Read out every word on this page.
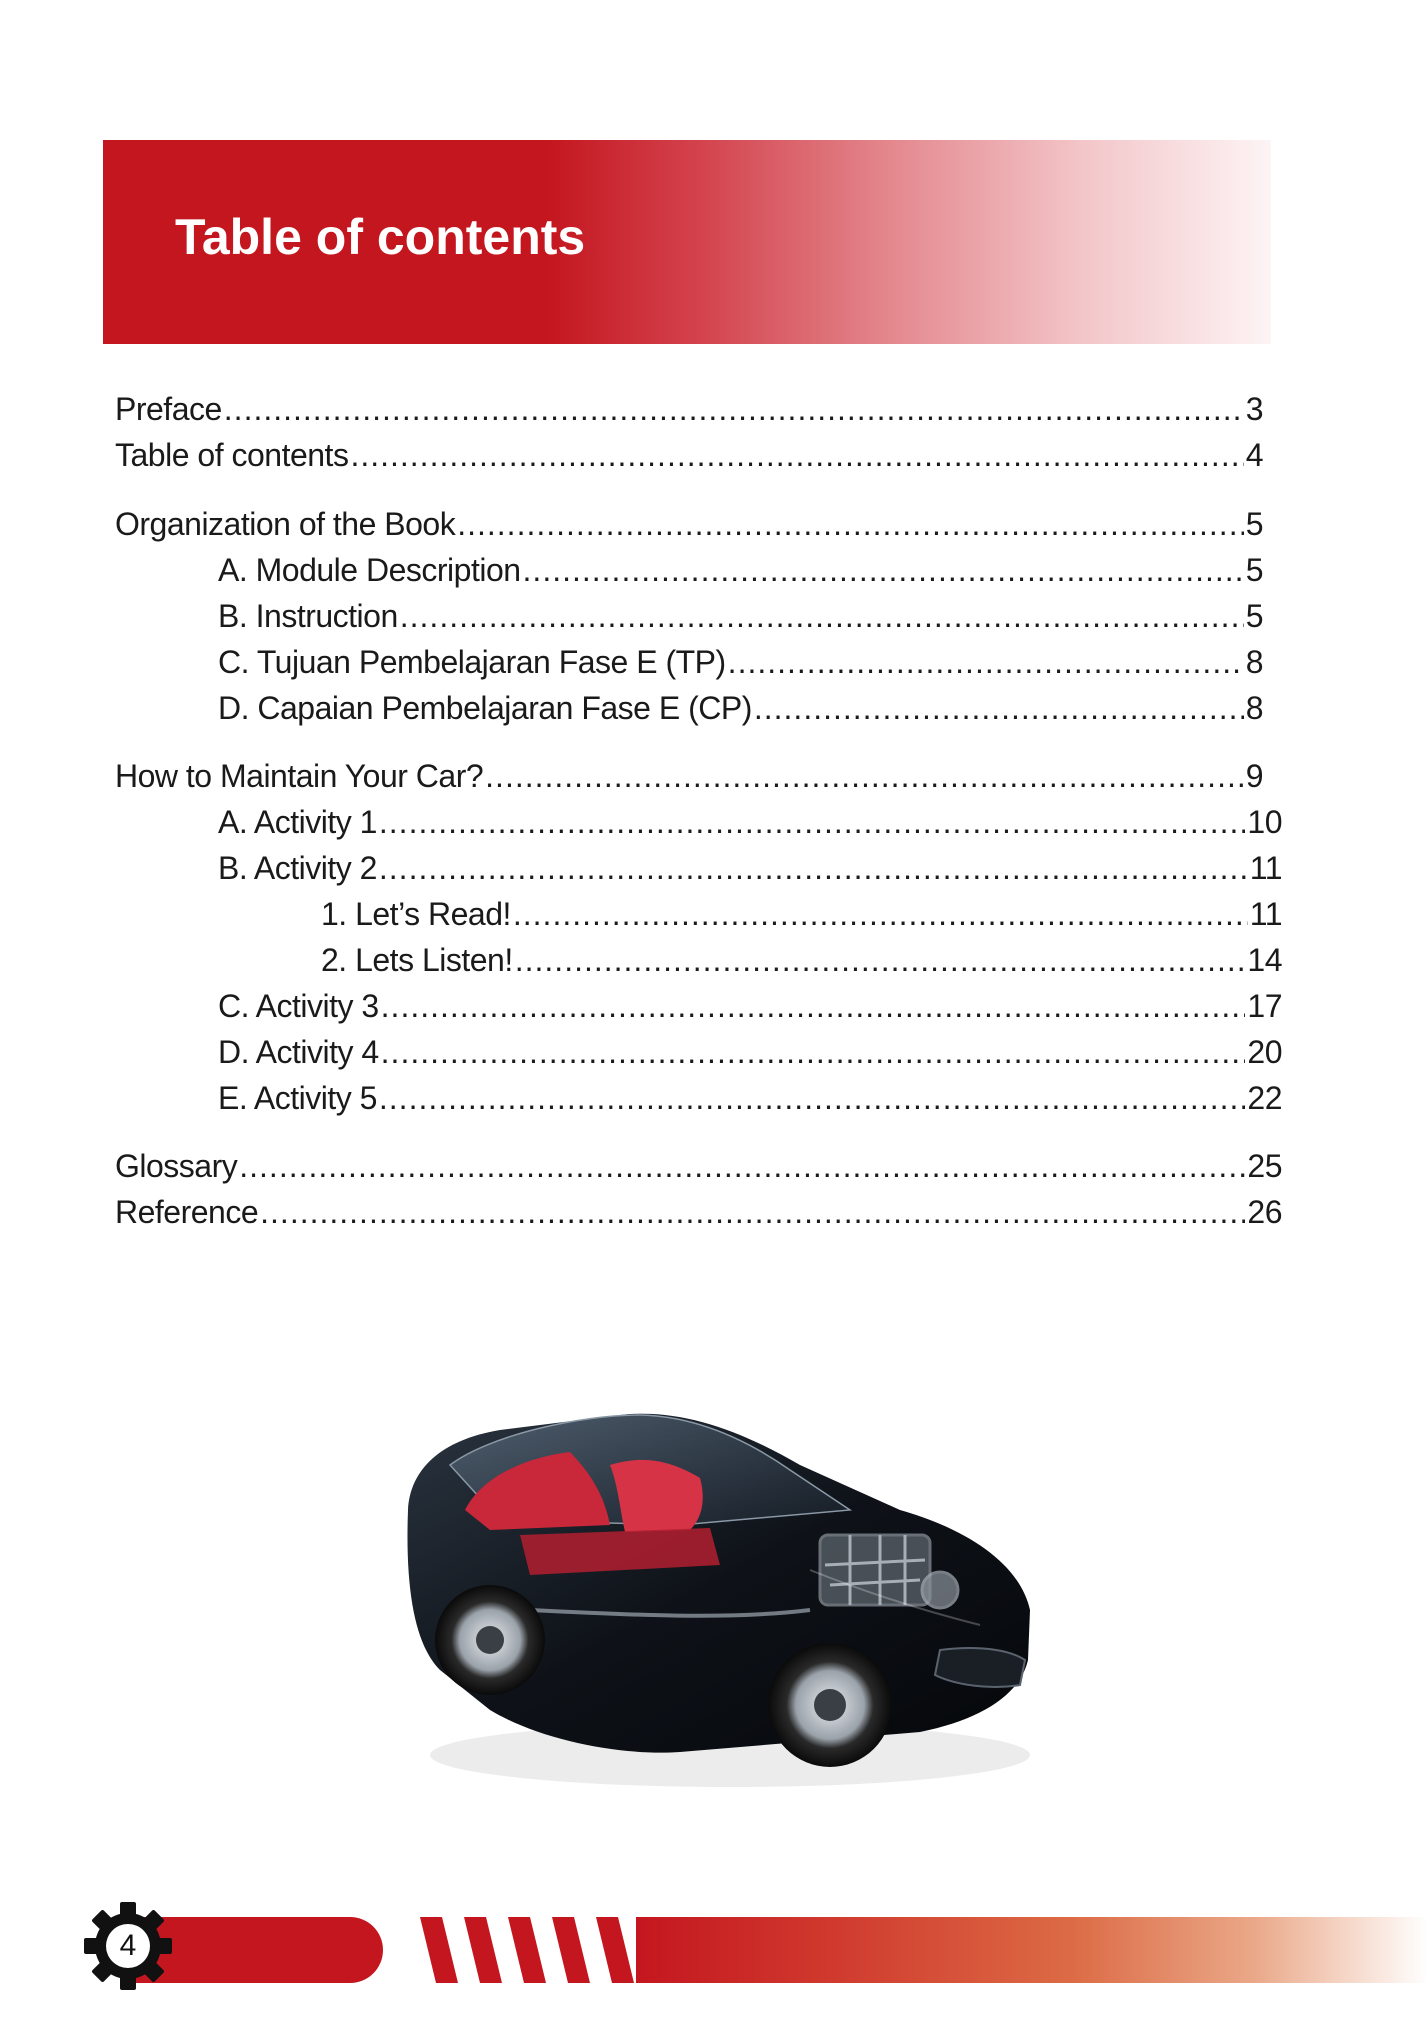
Table of contents
Preface .....	3
Table of contents .....	4
Organization of the Book .....	5
A. Module Description .....	5
B. Instruction .....	5
C. Tujuan Pembelajaran Fase E (TP) .....	8
D. Capaian Pembelajaran Fase E (CP) .....	8
How to Maintain Your Car? .....	9
A. Activity 1 .....	10
B. Activity 2 .....	11
1. Let’s Read! .....	11
2. Lets Listen! .....	14
C. Activity 3 .....	17
D. Activity 4 .....	20
E. Activity 5 .....	22
Glossary .....	25
Reference .....	26
4
